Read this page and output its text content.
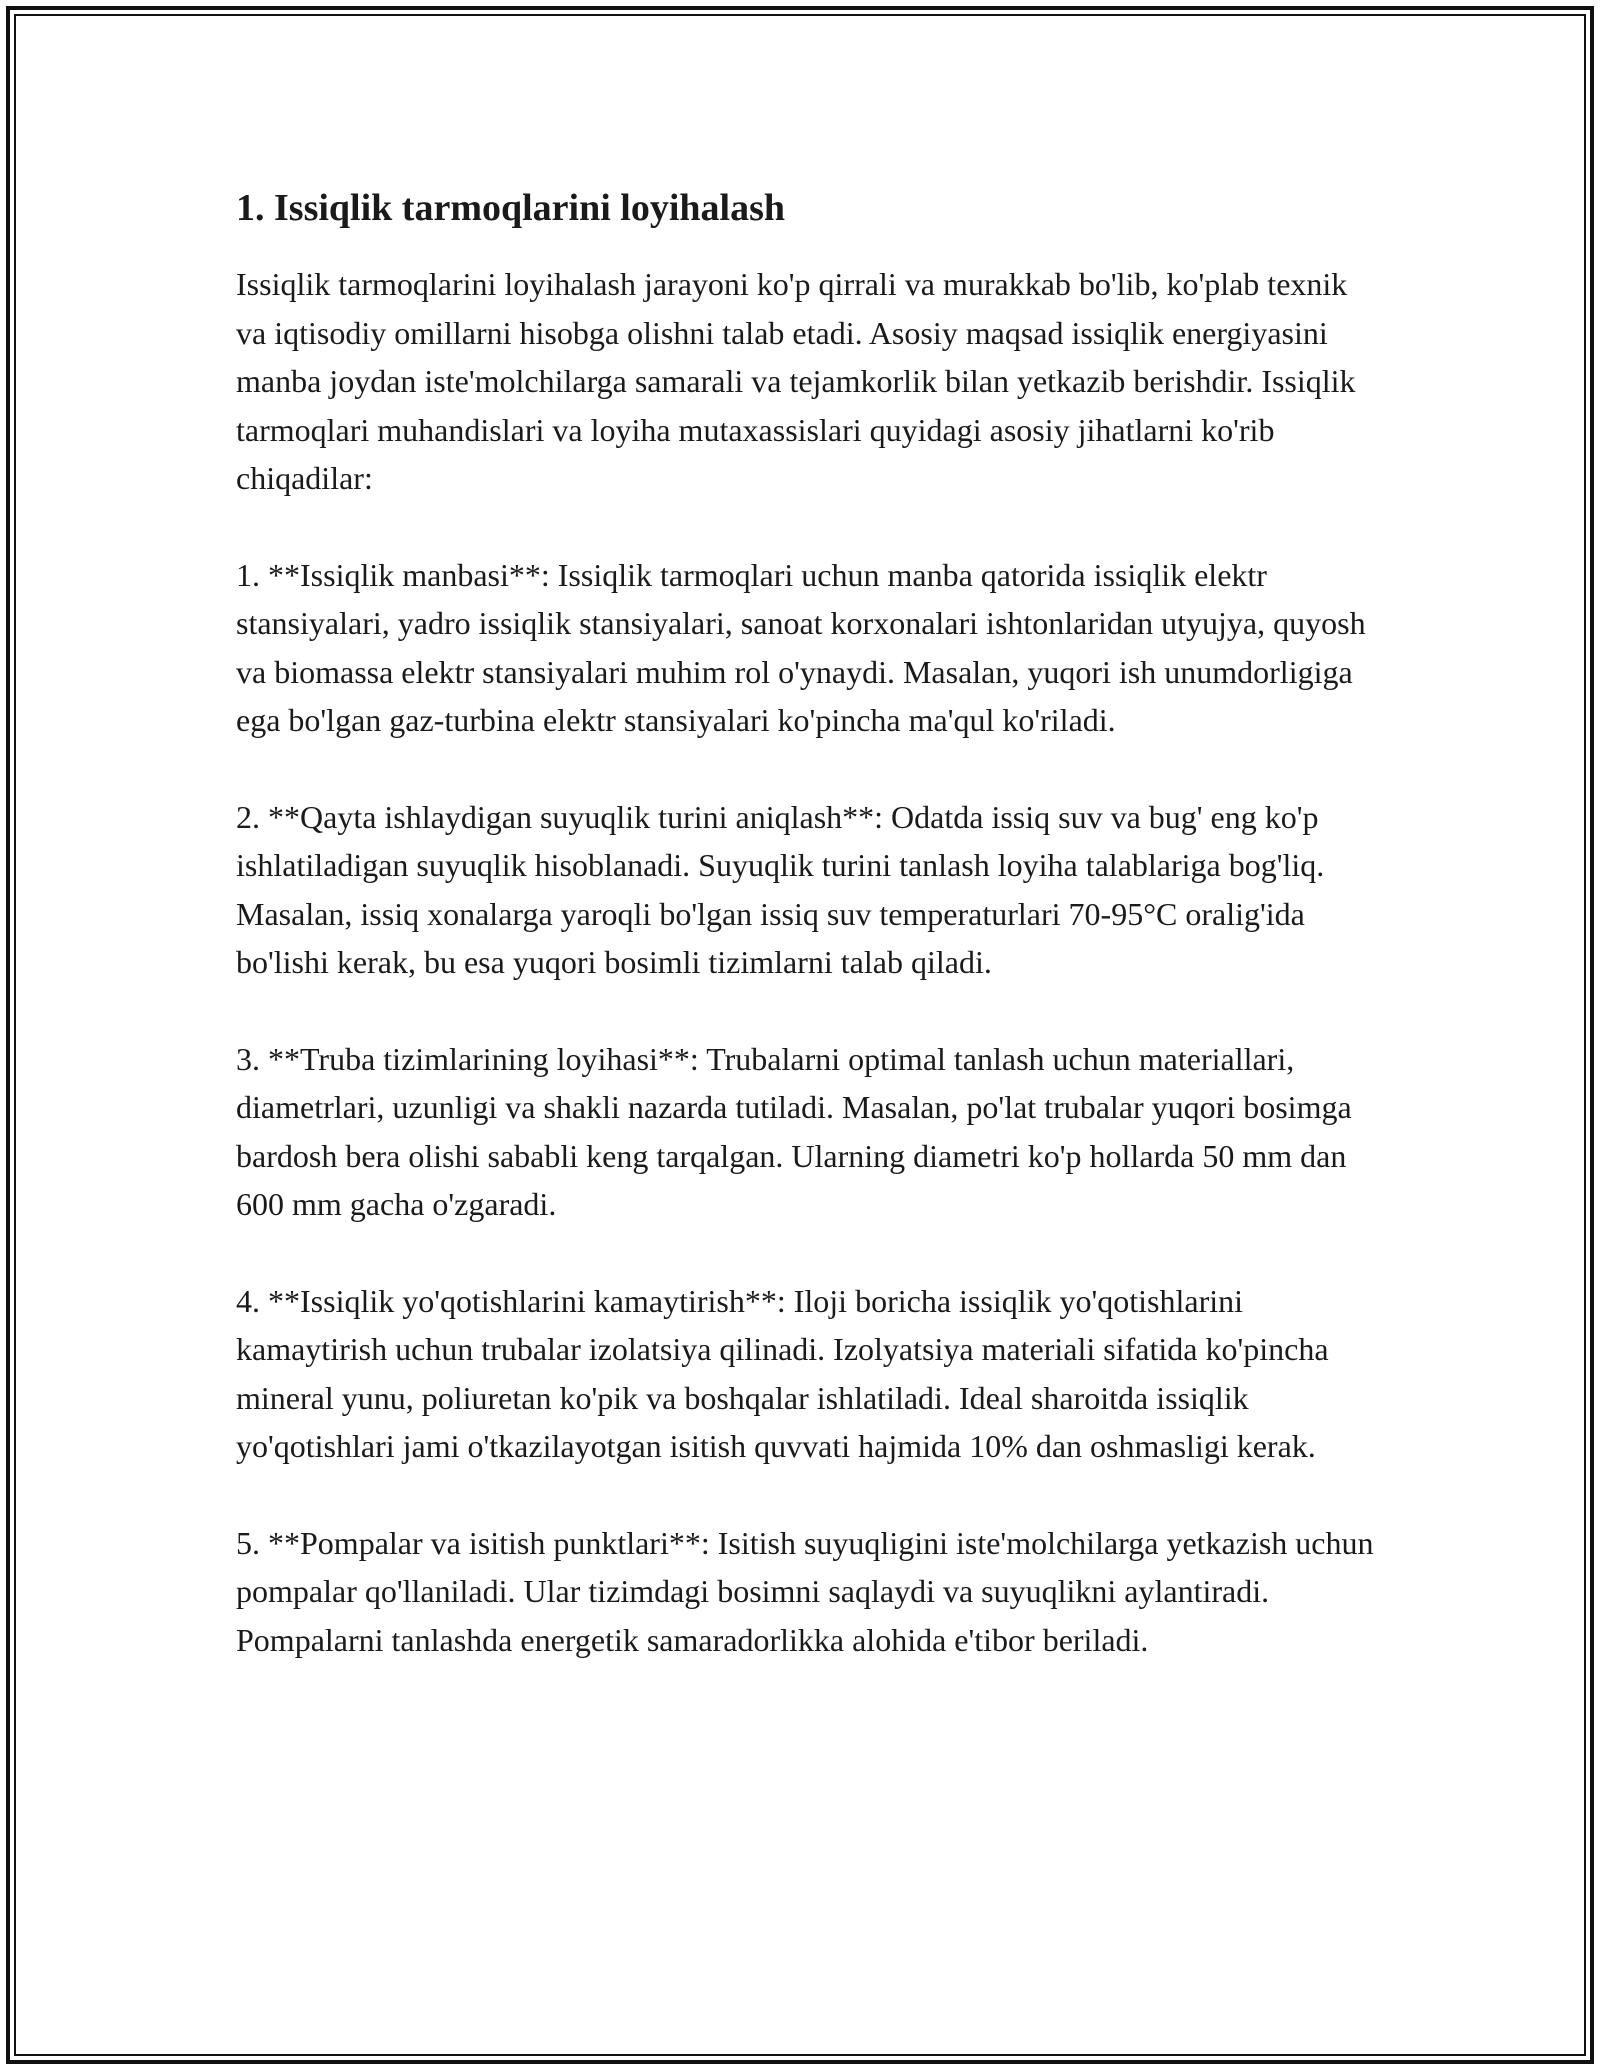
1. Issiqlik tarmoqlarini loyihalash

Issiqlik tarmoqlarini loyihalash jarayoni ko'p qirrali va murakkab bo'lib, ko'plab texnik va iqtisodiy omillarni hisobga olishni talab etadi. Asosiy maqsad issiqlik energiyasini manba joydan iste'molchilarga samarali va tejamkorlik bilan yetkazib berishdir. Issiqlik tarmoqlari muhandislari va loyiha mutaxassislari quyidagi asosiy jihatlarni ko'rib chiqadilar:

1. **Issiqlik manbasi**: Issiqlik tarmoqlari uchun manba qatorida issiqlik elektr stansiyalari, yadro issiqlik stansiyalari, sanoat korxonalari ishtonlaridan utyujya, quyosh va biomassa elektr stansiyalari muhim rol o'ynaydi. Masalan, yuqori ish unumdorligiga ega bo'lgan gaz-turbina elektr stansiyalari ko'pincha ma'qul ko'riladi.

2. **Qayta ishlaydigan suyuqlik turini aniqlash**: Odatda issiq suv va bug' eng ko'p ishlatiladigan suyuqlik hisoblanadi. Suyuqlik turini tanlash loyiha talablariga bog'liq. Masalan, issiq xonalarga yaroqli bo'lgan issiq suv temperaturlari 70-95°C oralig'ida bo'lishi kerak, bu esa yuqori bosimli tizimlarni talab qiladi.

3. **Truba tizimlarining loyihasi**: Trubalarni optimal tanlash uchun materiallari, diametrlari, uzunligi va shakli nazarda tutiladi. Masalan, po'lat trubalar yuqori bosimga bardosh bera olishi sababli keng tarqalgan. Ularning diametri ko'p hollarda 50 mm dan 600 mm gacha o'zgaradi.

4. **Issiqlik yo'qotishlarini kamaytirish**: Iloji boricha issiqlik yo'qotishlarini kamaytirish uchun trubalar izolatsiya qilinadi. Izolyatsiya materiali sifatida ko'pincha mineral yunu, poliuretan ko'pik va boshqalar ishlatiladi. Ideal sharoitda issiqlik yo'qotishlari jami o'tkazilayotgan isitish quvvati hajmida 10% dan oshmasligi kerak.

5. **Pompalar va isitish punktlari**: Isitish suyuqligini iste'molchilarga yetkazish uchun pompalar qo'llaniladi. Ular tizimdagi bosimni saqlaydi va suyuqlikni aylantiradi. Pompalarni tanlashda energetik samaradorlikka alohida e'tibor beriladi.
